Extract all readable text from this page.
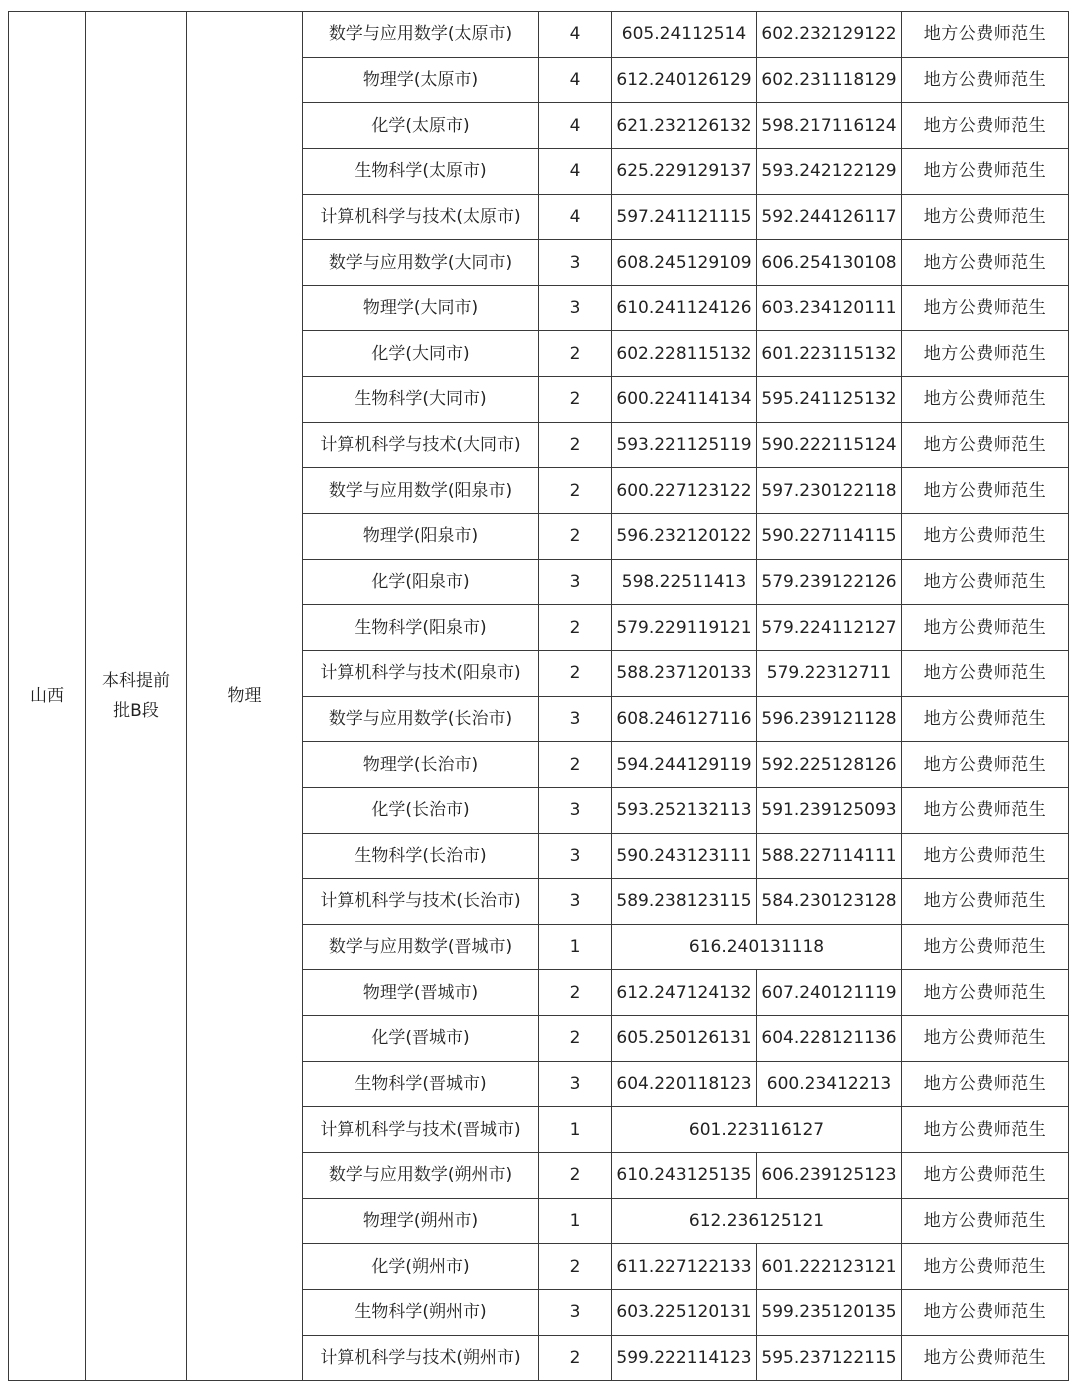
山西	本科提前批B段	物理	数学与应用数学(太原市)	4	605.24112514	602.232129122	地方公费师范生
			物理学(太原市)	4	612.240126129	602.231118129	地方公费师范生
			化学(太原市)	4	621.232126132	598.217116124	地方公费师范生
			生物科学(太原市)	4	625.229129137	593.242122129	地方公费师范生
			计算机科学与技术(太原市)	4	597.241121115	592.244126117	地方公费师范生
			数学与应用数学(大同市)	3	608.245129109	606.254130108	地方公费师范生
			物理学(大同市)	3	610.241124126	603.234120111	地方公费师范生
			化学(大同市)	2	602.228115132	601.223115132	地方公费师范生
			生物科学(大同市)	2	600.224114134	595.241125132	地方公费师范生
			计算机科学与技术(大同市)	2	593.221125119	590.222115124	地方公费师范生
			数学与应用数学(阳泉市)	2	600.227123122	597.230122118	地方公费师范生
			物理学(阳泉市)	2	596.232120122	590.227114115	地方公费师范生
			化学(阳泉市)	3	598.22511413	579.239122126	地方公费师范生
			生物科学(阳泉市)	2	579.229119121	579.224112127	地方公费师范生
			计算机科学与技术(阳泉市)	2	588.237120133	579.22312711	地方公费师范生
			数学与应用数学(长治市)	3	608.246127116	596.239121128	地方公费师范生
			物理学(长治市)	2	594.244129119	592.225128126	地方公费师范生
			化学(长治市)	3	593.252132113	591.239125093	地方公费师范生
			生物科学(长治市)	3	590.243123111	588.227114111	地方公费师范生
			计算机科学与技术(长治市)	3	589.238123115	584.230123128	地方公费师范生
			数学与应用数学(晋城市)	1	616.240131118		地方公费师范生
			物理学(晋城市)	2	612.247124132	607.240121119	地方公费师范生
			化学(晋城市)	2	605.250126131	604.228121136	地方公费师范生
			生物科学(晋城市)	3	604.220118123	600.23412213	地方公费师范生
			计算机科学与技术(晋城市)	1	601.223116127		地方公费师范生
			数学与应用数学(朔州市)	2	610.243125135	606.239125123	地方公费师范生
			物理学(朔州市)	1	612.236125121		地方公费师范生
			化学(朔州市)	2	611.227122133	601.222123121	地方公费师范生
			生物科学(朔州市)	3	603.225120131	599.235120135	地方公费师范生
			计算机科学与技术(朔州市)	2	599.222114123	595.237122115	地方公费师范生
